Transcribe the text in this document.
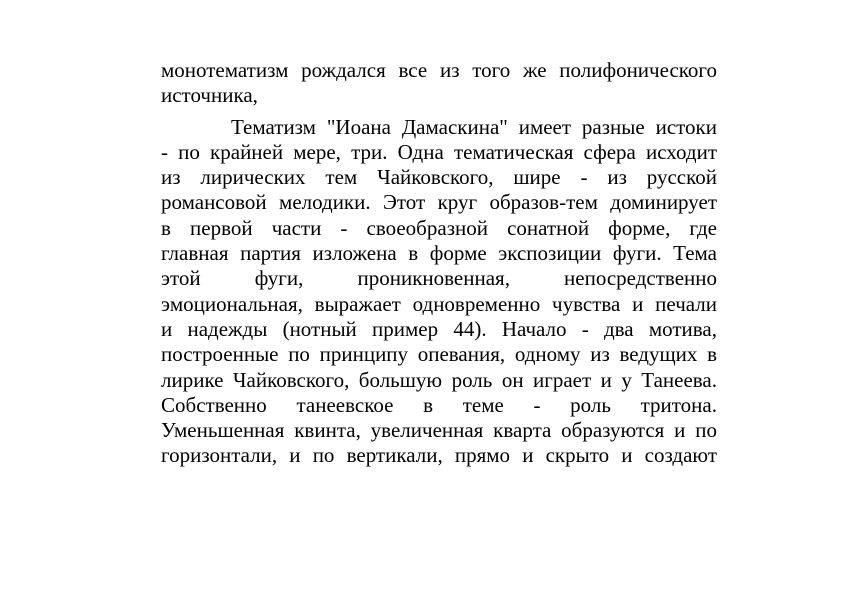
монотематизм рождался все из того же полифонического
источника,
Тематизм "Иоана Дамаскина" имеет разные истоки
- по крайней мере, три. Одна тематическая сфера исходит
из лирических тем Чайковского, шире - из русской
романсовой мелодики. Этот круг образов-тем доминирует
в первой части - своеобразной сонатной форме, где
главная партия изложена в форме экспозиции фуги. Тема
этой фуги, проникновенная, непосредственно
эмоциональная, выражает одновременно чувства и печали
и надежды (нотный пример 44). Начало - два мотива,
построенные по принципу опевания, одному из ведущих в
лирике Чайковского, большую роль он играет и у Танеева.
Собственно танеевское в теме - роль тритона.
Уменьшенная квинта, увеличенная кварта образуются и по
горизонтали, и по вертикали, прямо и скрыто и создают
